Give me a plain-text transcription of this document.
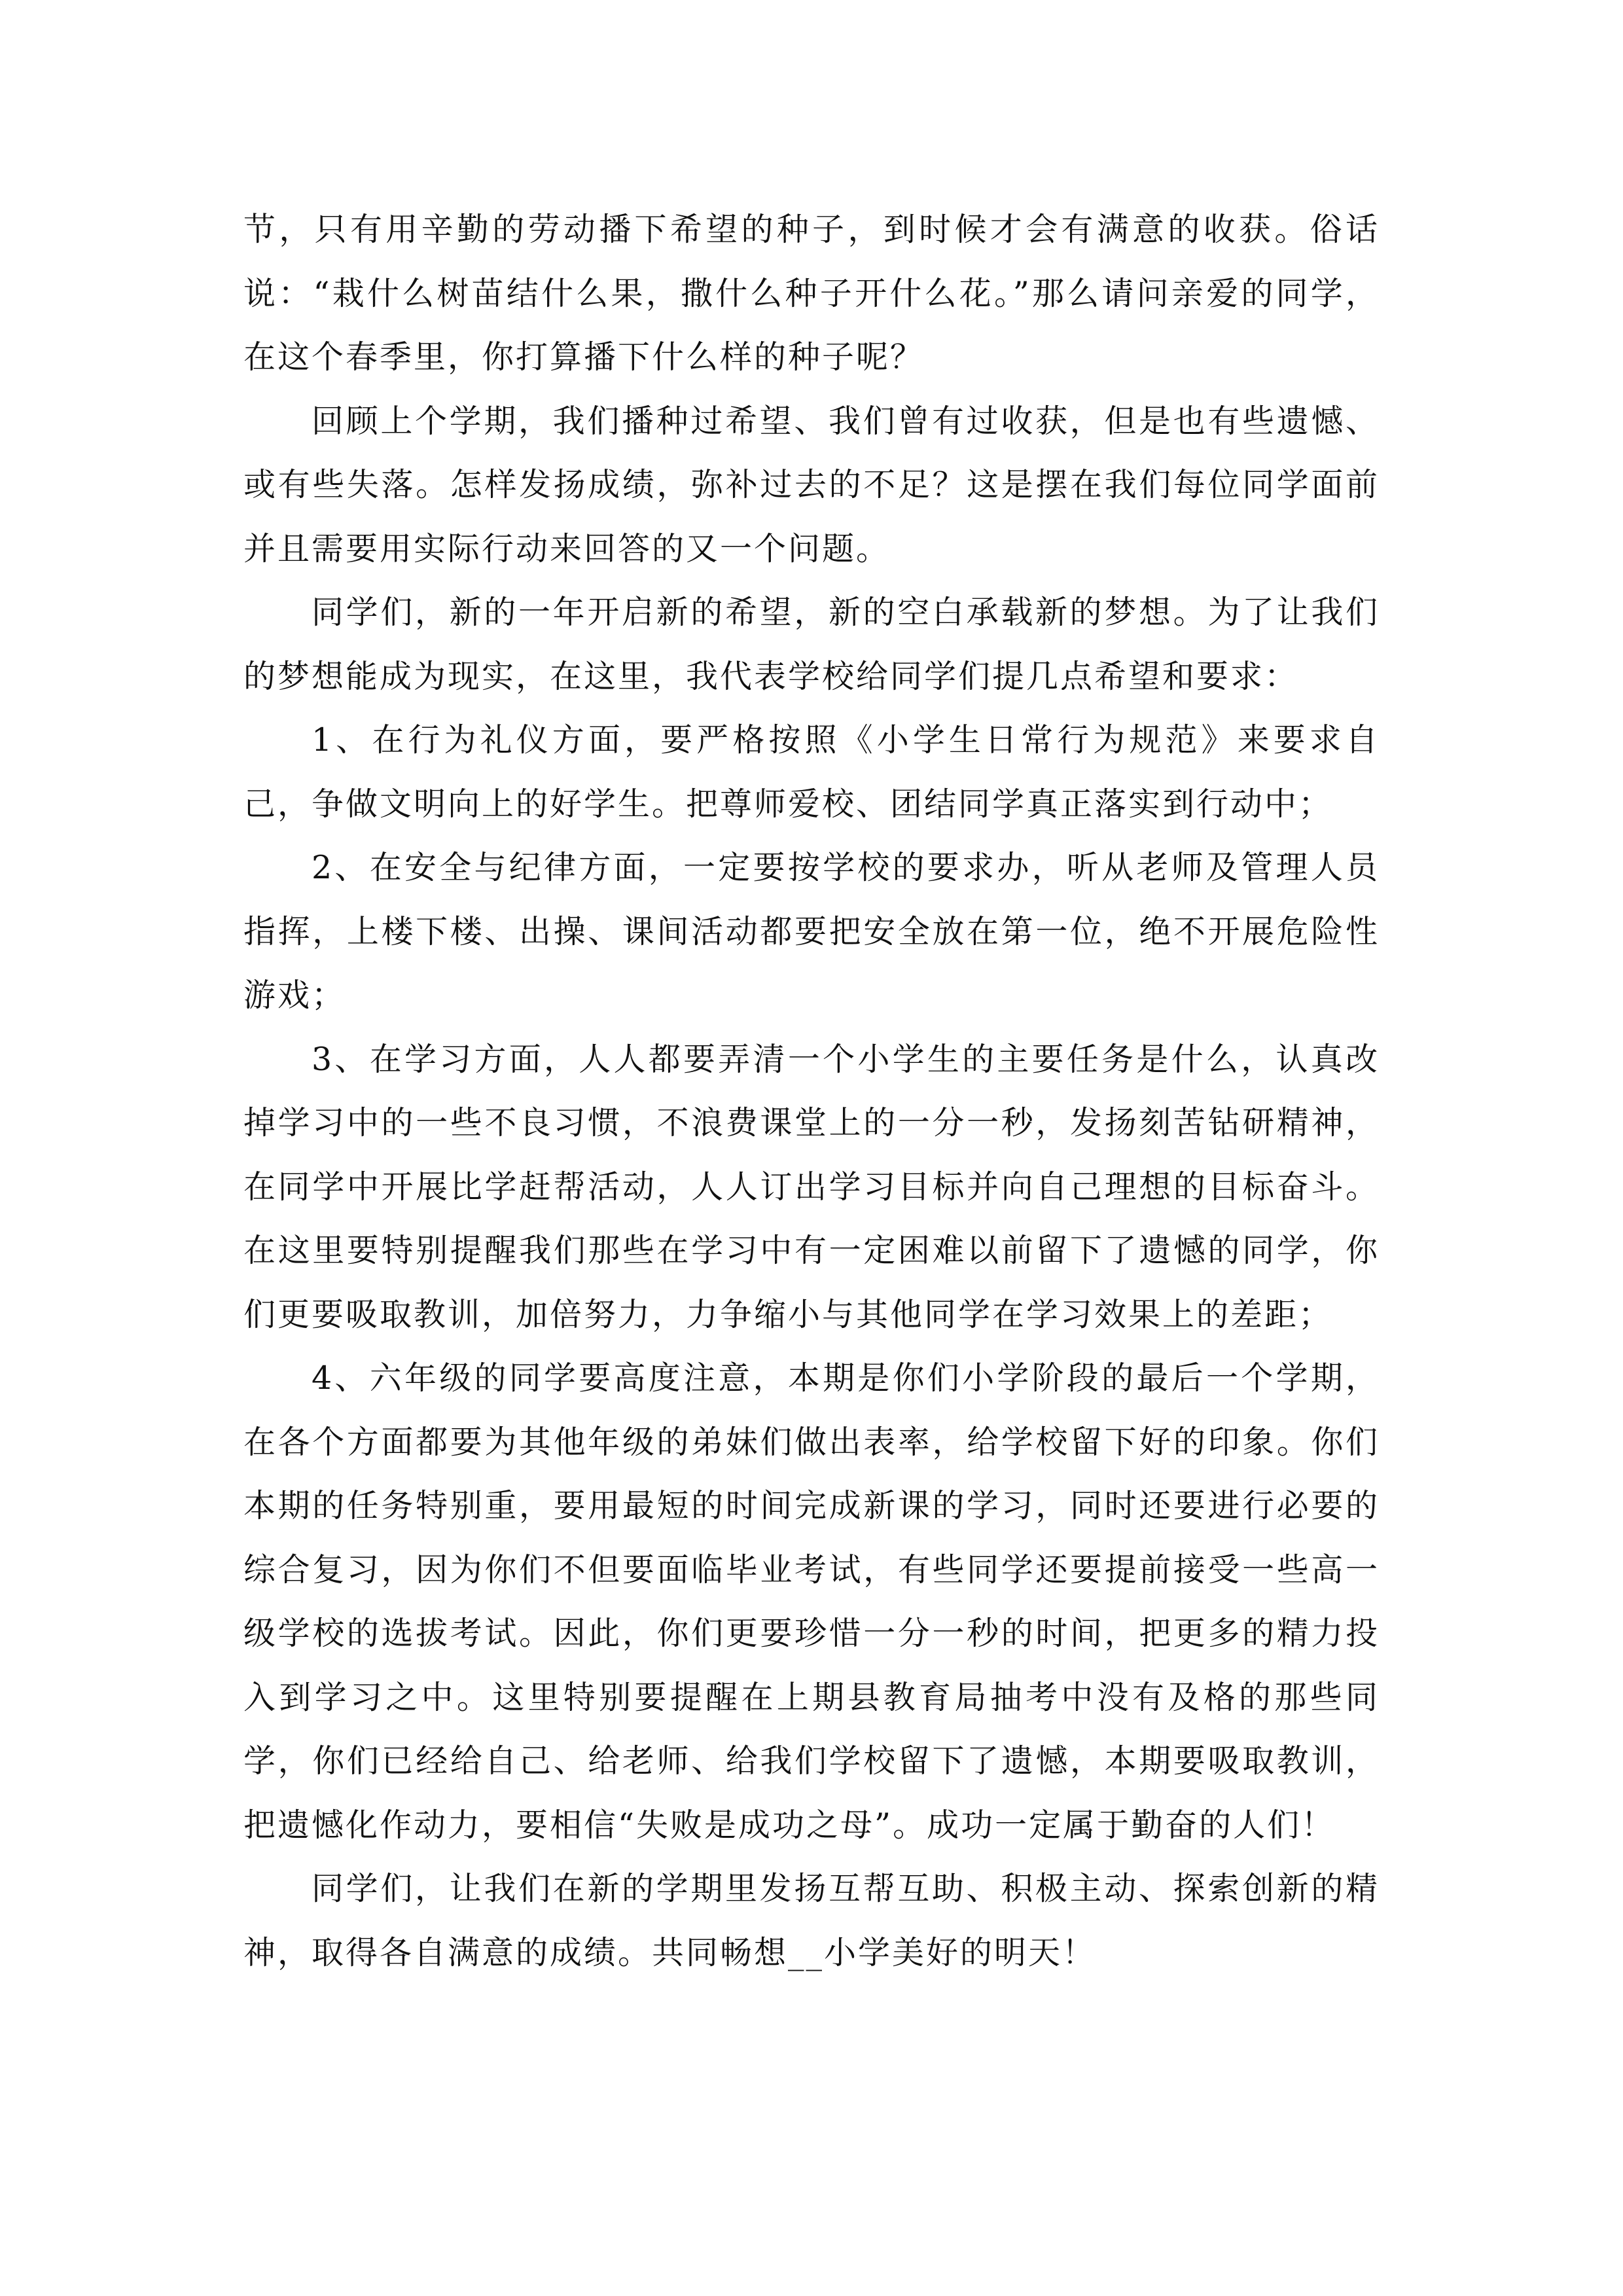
节，只有用辛勤的劳动播下希望的种子，到时候才会有满意的收获。俗话说：“栽什么树苗结什么果，撒什么种子开什么花。”那么请问亲爱的同学，在这个春季里，你打算播下什么样的种子呢？

回顾上个学期，我们播种过希望、我们曾有过收获，但是也有些遗憾、或有些失落。怎样发扬成绩，弥补过去的不足？这是摆在我们每位同学面前并且需要用实际行动来回答的又一个问题。

同学们，新的一年开启新的希望，新的空白承载新的梦想。为了让我们的梦想能成为现实，在这里，我代表学校给同学们提几点希望和要求：

1、在行为礼仪方面，要严格按照《小学生日常行为规范》来要求自己，争做文明向上的好学生。把尊师爱校、团结同学真正落实到行动中；

2、在安全与纪律方面，一定要按学校的要求办，听从老师及管理人员指挥，上楼下楼、出操、课间活动都要把安全放在第一位，绝不开展危险性游戏；

3、在学习方面，人人都要弄清一个小学生的主要任务是什么，认真改掉学习中的一些不良习惯，不浪费课堂上的一分一秒，发扬刻苦钻研精神，在同学中开展比学赶帮活动，人人订出学习目标并向自己理想的目标奋斗。在这里要特别提醒我们那些在学习中有一定困难以前留下了遗憾的同学，你们更要吸取教训，加倍努力，力争缩小与其他同学在学习效果上的差距；

4、六年级的同学要高度注意，本期是你们小学阶段的最后一个学期，在各个方面都要为其他年级的弟妹们做出表率，给学校留下好的印象。你们本期的任务特别重，要用最短的时间完成新课的学习，同时还要进行必要的综合复习，因为你们不但要面临毕业考试，有些同学还要提前接受一些高一级学校的选拔考试。因此，你们更要珍惜一分一秒的时间，把更多的精力投入到学习之中。这里特别要提醒在上期县教育局抽考中没有及格的那些同学，你们已经给自己、给老师、给我们学校留下了遗憾，本期要吸取教训，把遗憾化作动力，要相信“失败是成功之母”。成功一定属于勤奋的人们！

同学们，让我们在新的学期里发扬互帮互助、积极主动、探索创新的精神，取得各自满意的成绩。共同畅想__小学美好的明天！
